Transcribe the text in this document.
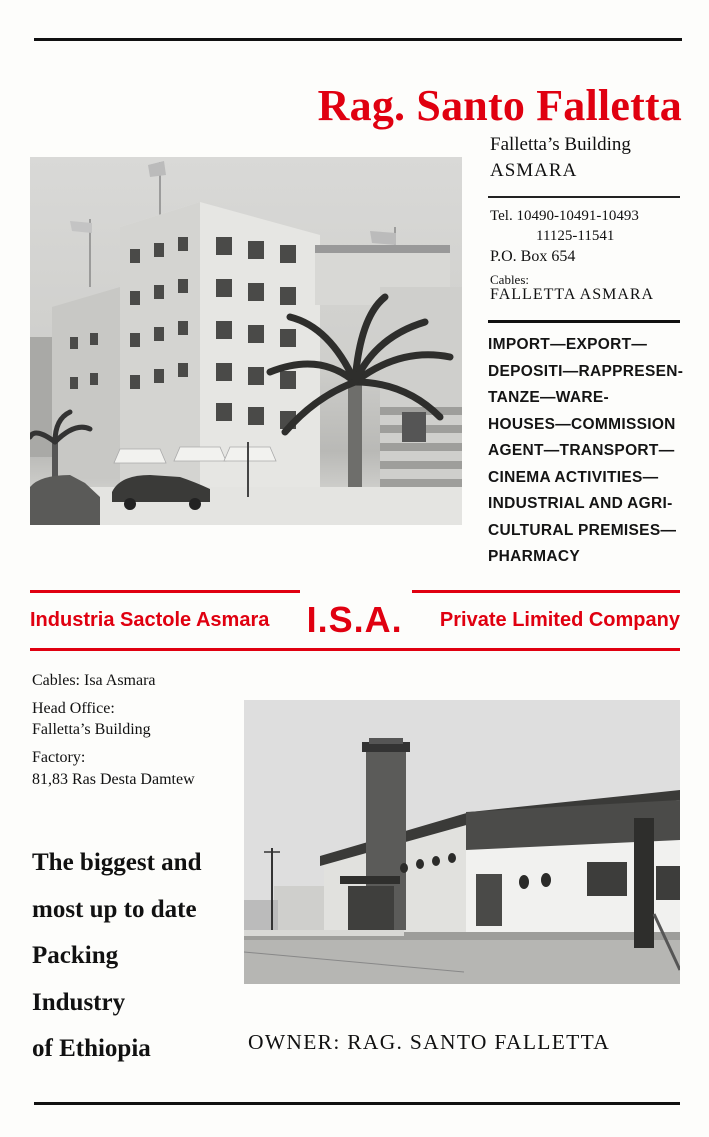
Rag. Santo Falletta
Falletta’s Building
ASMARA
Tel. 10490-10491-10493
11125-11541
P.O. Box 654
Cables:
FALLETTA ASMARA
IMPORT—EXPORT—
DEPOSITI—RAPPRESEN-
TANZE—WARE-
HOUSES—COMMISSION
AGENT—TRANSPORT—
CINEMA ACTIVITIES—
INDUSTRIAL AND AGRI-
CULTURAL PREMISES—
PHARMACY
Industria Sactole Asmara I.S.A. Private Limited Company
Cables: Isa Asmara
Head Office:
Falletta’s Building
Factory:
81,83 Ras Desta Damtew
The biggest and
most up to date
Packing
Industry
of Ethiopia	OWNER: RAG. SANTO FALLETTA
